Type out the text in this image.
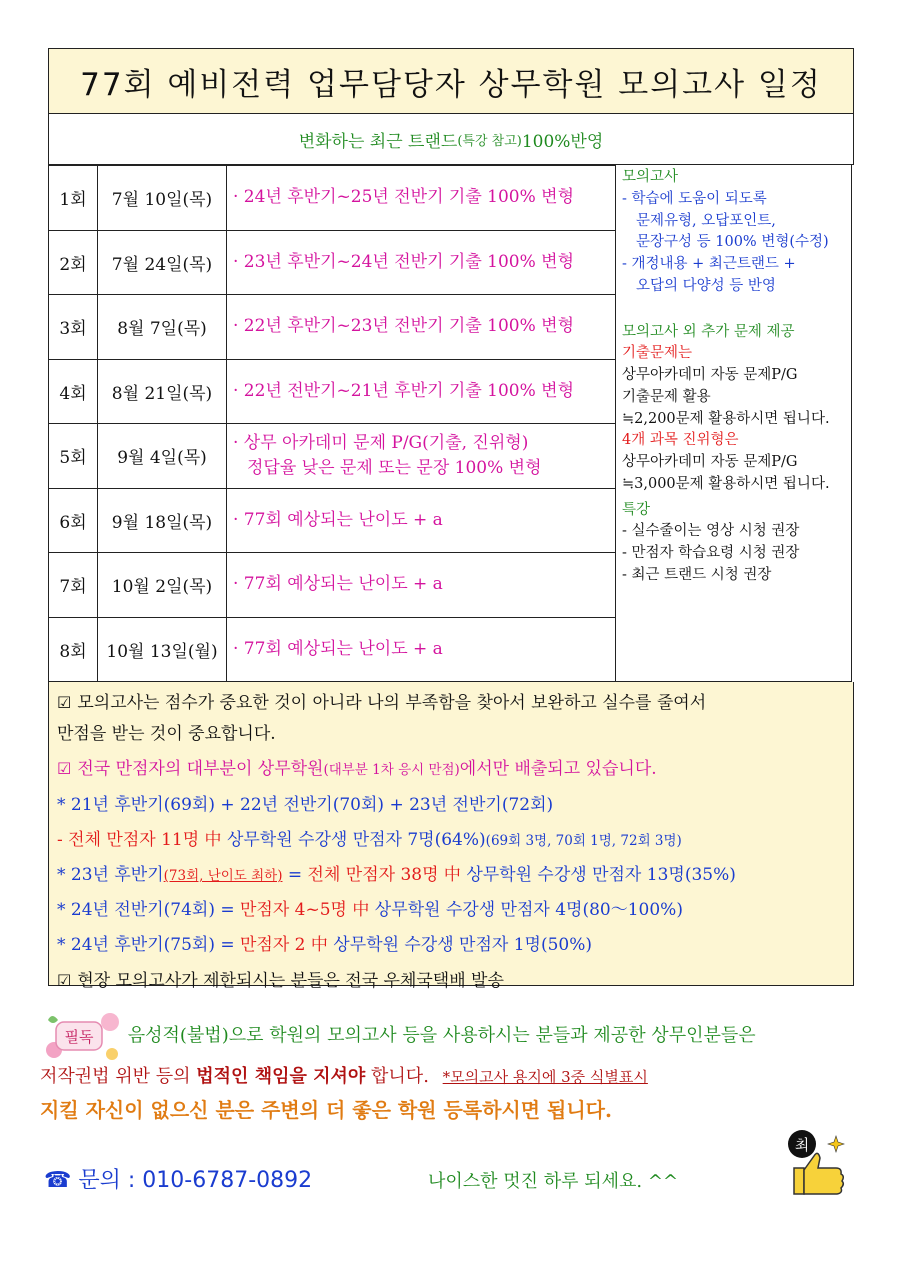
77회 예비전력 업무담당자 상무학원 모의고사 일정
변화하는 최근 트랜드 (특강 참고) 100%반영
1회	7월 10일(목)	· 24년 후반기~25년 전반기 기출 100% 변형
2회	7월 24일(목)	· 23년 후반기~24년 전반기 기출 100% 변형
3회	8월 7일(목)	· 22년 후반기~23년 전반기 기출 100% 변형
4회	8월 21일(목)	· 22년 전반기~21년 후반기 기출 100% 변형
5회	9월 4일(목)	· 상무 아카데미 문제 P/G(기출, 진위형)
정답율 낮은 문제 또는 문장 100% 변형

6회	9월 18일(목)	· 77회 예상되는 난이도 + a
7회	10월 2일(목)	· 77회 예상되는 난이도 + a
8회	10월 13일(월)	· 77회 예상되는 난이도 + a
모의고사
- 학습에 도움이 되도록
문제유형, 오답포인트,
문장구성 등 100% 변형(수정)
- 개정내용 + 최근트랜드 +
오답의 다양성 등 반영
모의고사 외 추가 문제 제공
기출문제는
상무아카데미 자동 문제P/G
기출문제 활용
≒2,200문제 활용하시면 됩니다.
4개 과목 진위형은
상무아카데미 자동 문제P/G
≒3,000문제 활용하시면 됩니다.
특강
- 실수줄이는 영상 시청 권장
- 만점자 학습요령 시청 권장
- 최근 트랜드 시청 권장
☑ 모의고사는 점수가 중요한 것이 아니라 나의 부족함을 찾아서 보완하고 실수를 줄여서
만점을 받는 것이 중요합니다.
☑ 전국 만점자의 대부분이 상무학원(대부분 1차 응시 만점)에서만 배출되고 있습니다.
* 21년 후반기(69회) + 22년 전반기(70회) + 23년 전반기(72회)
- 전체 만점자 11명 中 상무학원 수강생 만점자 7명(64%)(69회 3명, 70회 1명, 72회 3명)
* 23년 후반기(73회, 난이도 최하) = 전체 만점자 38명 中 상무학원 수강생 만점자 13명(35%)
* 24년 전반기(74회) = 만점자 4~5명 中 상무학원 수강생 만점자 4명(80～100%)
* 24년 후반기(75회) = 만점자 2 中 상무학원 수강생 만점자 1명(50%)
☑ 현장 모의고사가 제한되시는 분들은 전국 우체국택배 발송
필독 음성적(불법)으로 학원의 모의고사 등을 사용하시는 분들과 제공한 상무인분들은
저작권법 위반 등의 법적인 책임을 지셔야 합니다. *모의고사 용지에 3중 식별표시
지킬 자신이 없으신 분은 주변의 더 좋은 학원 등록하시면 됩니다.
☎ 문의 : 010-6787-0892	나이스한 멋진 하루 되세요. ^^
최
